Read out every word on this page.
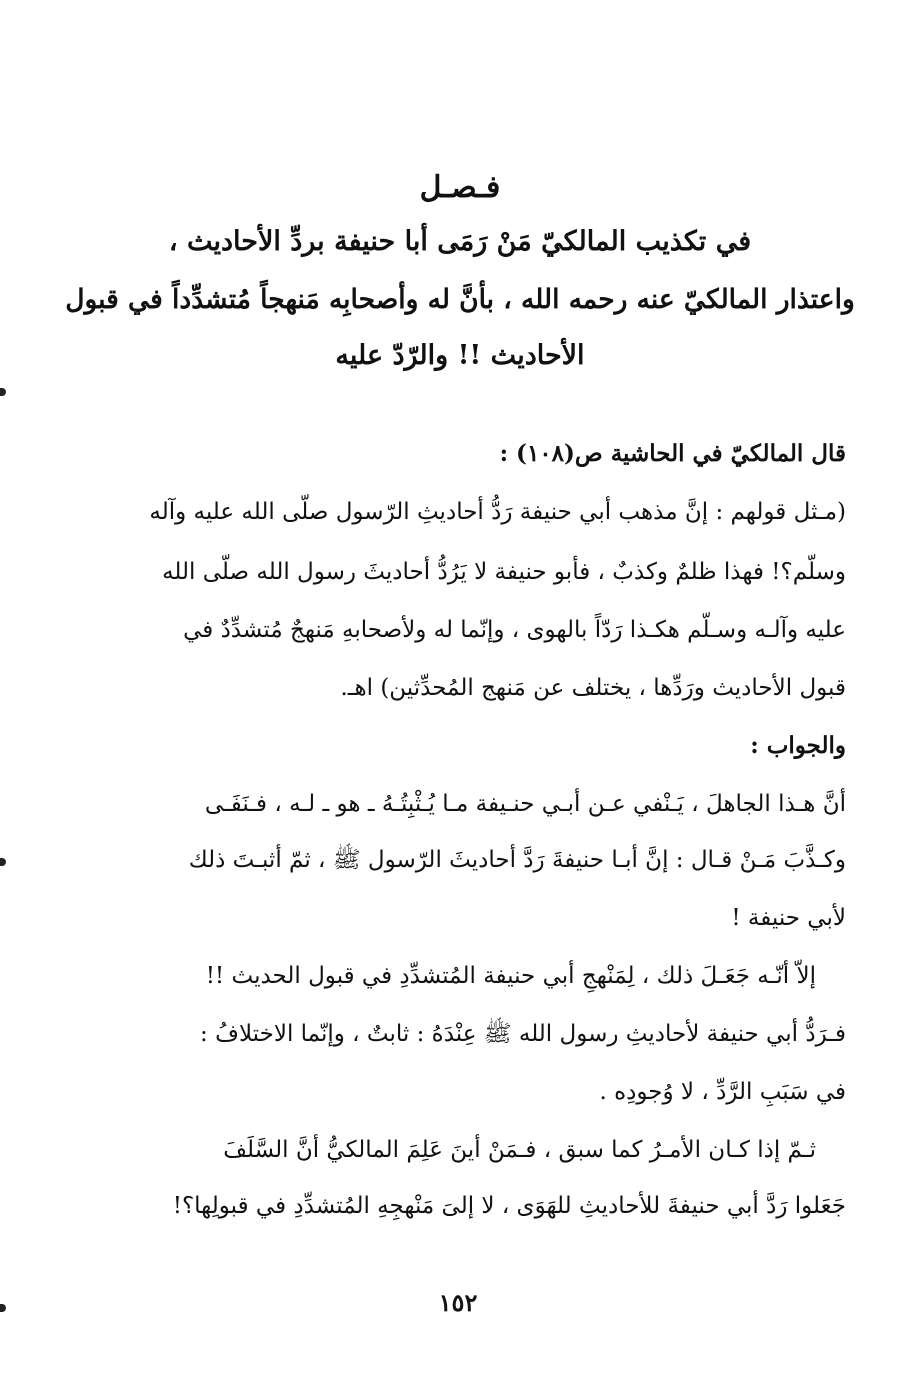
فـصـل
في تكذيب المالكيّ مَنْ رَمَى أبا حنيفة بردِّ الأحاديث ،
واعتذار المالكيّ عنه رحمه الله ، بأنَّ له وأصحابِه مَنهجاً مُتشدِّداً في قبول
الأحاديث !! والرّدّ عليه
قال المالكيّ في الحاشية ص(١٠٨) :
(مـثل قولهم : إنَّ مذهب أبي حنيفة رَدُّ أحاديثِ الرّسول صلّى الله عليه وآله
وسلّم؟! فهذا ظلمٌ وكذبٌ ، فأبو حنيفة لا يَرُدُّ أحاديثَ رسول الله صلّى الله
عليه وآلـه وسـلّم هكـذا رَدّاً بالهوى ، وإنّما له ولأصحابهِ مَنهجٌ مُتشدِّدٌ في
قبول الأحاديث ورَدِّها ، يختلف عن مَنهج المُحدِّثين) اهـ.
والجواب :
أنَّ هـذا الجاهلَ ، يَـنْفي عـن أبـي حنـيفة مـا يُـثْبِتُـهُ ـ هو ـ لـه ، فـنَفَـى
وكـذَّبَ مَـنْ قـال : إنَّ أبـا حنيفةَ رَدَّ أحاديثَ الرّسول ﷺ ، ثمّ أثبـتَ ذلك
لأبي حنيفة !
إلاّ أنّـه جَعَـلَ ذلك ، لِمَنْهجِ أبي حنيفة المُتشدِّدِ في قبول الحديث !!
فـرَدُّ أبي حنيفة لأحاديثِ رسول الله ﷺ عِنْدَهُ : ثابتٌ ، وإنّما الاختلافُ :
في سَبَبِ الرَّدِّ ، لا وُجودِه .
ثـمّ إذا كـان الأمـرُ كما سبق ، فـمَنْ أينَ عَلِمَ المالكيُّ أنَّ السَّلَفَ
جَعَلوا رَدَّ أبي حنيفةَ للأحاديثِ للهَوَى ، لا إلىَ مَنْهجِهِ المُتشدِّدِ في قبولِها؟!
١٥٢
